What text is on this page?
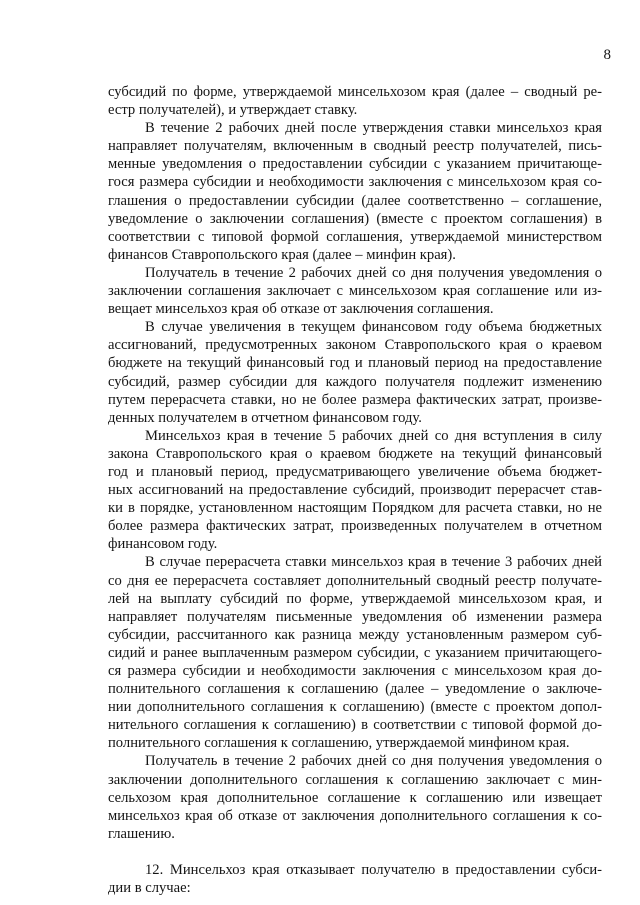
8
субсидий по форме, утверждаемой минсельхозом края (далее – сводный ре-
естр получателей), и утверждает ставку.
В течение 2 рабочих дней после утверждения ставки минсельхоз края
направляет получателям, включенным в сводный реестр получателей, пись-
менные уведомления о предоставлении субсидии с указанием причитающе-
гося размера субсидии и необходимости заключения с минсельхозом края со-
глашения о предоставлении субсидии (далее соответственно – соглашение,
уведомление о заключении соглашения) (вместе с проектом соглашения) в
соответствии с типовой формой соглашения, утверждаемой министерством
финансов Ставропольского края (далее – минфин края).
Получатель в течение 2 рабочих дней со дня получения уведомления о
заключении соглашения заключает с минсельхозом края соглашение или из-
вещает минсельхоз края об отказе от заключения соглашения.
В случае увеличения в текущем финансовом году объема бюджетных
ассигнований, предусмотренных законом Ставропольского края о краевом
бюджете на текущий финансовый год и плановый период на предоставление
субсидий, размер субсидии для каждого получателя подлежит изменению
путем перерасчета ставки, но не более размера фактических затрат, произве-
денных получателем в отчетном финансовом году.
Минсельхоз края в течение 5 рабочих дней со дня вступления в силу
закона Ставропольского края о краевом бюджете на текущий финансовый
год и плановый период, предусматривающего увеличение объема бюджет-
ных ассигнований на предоставление субсидий, производит перерасчет став-
ки в порядке, установленном настоящим Порядком для расчета ставки, но не
более размера фактических затрат, произведенных получателем в отчетном
финансовом году.
В случае перерасчета ставки минсельхоз края в течение 3 рабочих дней
со дня ее перерасчета составляет дополнительный сводный реестр получате-
лей на выплату субсидий по форме, утверждаемой минсельхозом края, и
направляет получателям письменные уведомления об изменении размера
субсидии, рассчитанного как разница между установленным размером суб-
сидий и ранее выплаченным размером субсидии, с указанием причитающего-
ся размера субсидии и необходимости заключения с минсельхозом края до-
полнительного соглашения к соглашению (далее – уведомление о заключе-
нии дополнительного соглашения к соглашению) (вместе с проектом допол-
нительного соглашения к соглашению) в соответствии с типовой формой до-
полнительного соглашения к соглашению, утверждаемой минфином края.
Получатель в течение 2 рабочих дней со дня получения уведомления о
заключении дополнительного соглашения к соглашению заключает с мин-
сельхозом края дополнительное соглашение к соглашению или извещает
минсельхоз края об отказе от заключения дополнительного соглашения к со-
глашению.
12. Минсельхоз края отказывает получателю в предоставлении субси-
дии в случае:
